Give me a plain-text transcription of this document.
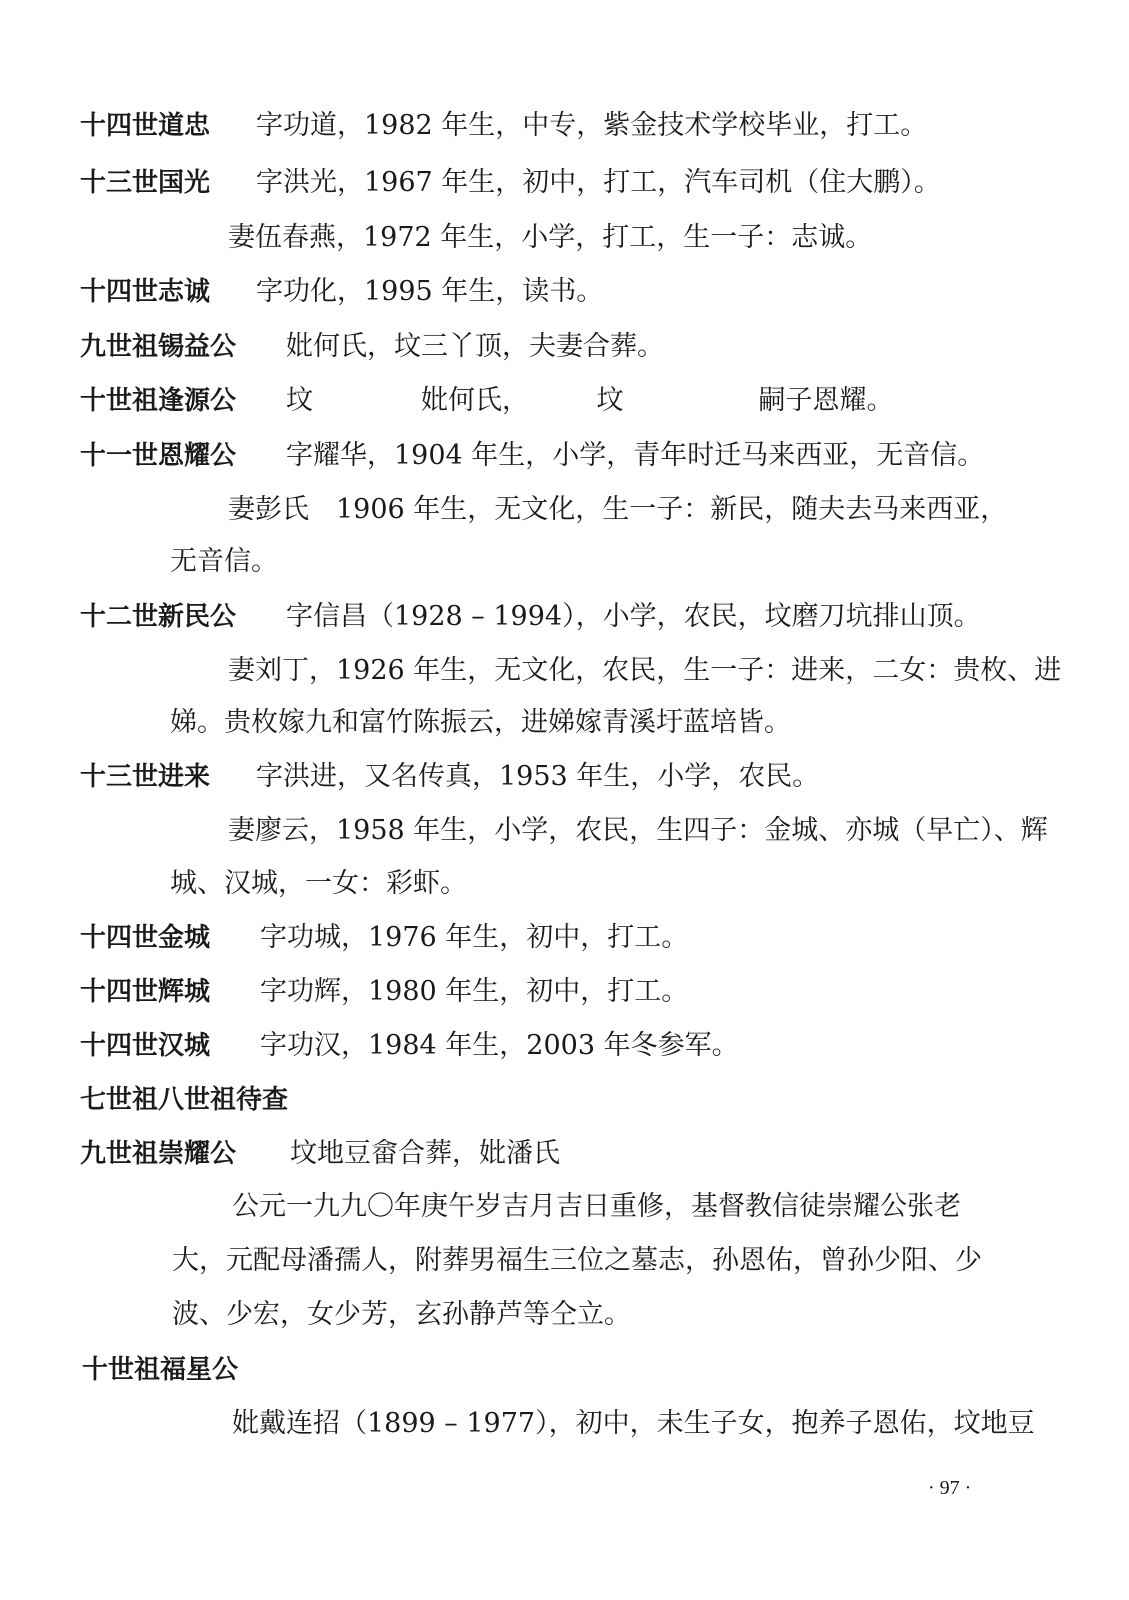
十四世道忠 字功道，1982 年生，中专，紫金技术学校毕业，打工。
十三世国光 字洪光，1967 年生，初中，打工，汽车司机（住大鹏）。
妻伍春燕，1972 年生，小学，打工，生一子：志诚。
十四世志诚 字功化，1995 年生，读书。
九世祖锡益公 妣何氏，坟三丫顶，夫妻合葬。
十世祖逢源公 坟　　　　妣何氏，　　　坟　　　　　嗣子恩耀。
十一世恩耀公 字耀华，1904 年生，小学，青年时迁马来西亚，无音信。
妻彭氏　1906 年生，无文化，生一子：新民，随夫去马来西亚，
无音信。
十二世新民公 字信昌（1928 – 1994），小学，农民，坟磨刀坑排山顶。
妻刘丁，1926 年生，无文化，农民，生一子：进来，二女：贵枚、进
娣。贵枚嫁九和富竹陈振云，进娣嫁青溪圩蓝培皆。
十三世进来 字洪进，又名传真，1953 年生，小学，农民。
妻廖云，1958 年生，小学，农民，生四子：金城、亦城（早亡）、辉
城、汉城，一女：彩虾。
十四世金城 字功城，1976 年生，初中，打工。
十四世辉城 字功辉，1980 年生，初中，打工。
十四世汉城 字功汉，1984 年生，2003 年冬参军。
七世祖八世祖待查
九世祖崇耀公 坟地豆畲合葬，妣潘氏
公元一九九〇年庚午岁吉月吉日重修，基督教信徒崇耀公张老
大，元配母潘孺人，附葬男福生三位之墓志，孙恩佑，曾孙少阳、少
波、少宏，女少芳，玄孙静芦等仝立。
十世祖福星公
妣戴连招（1899 – 1977），初中，未生子女，抱养子恩佑，坟地豆
· 97 ·
